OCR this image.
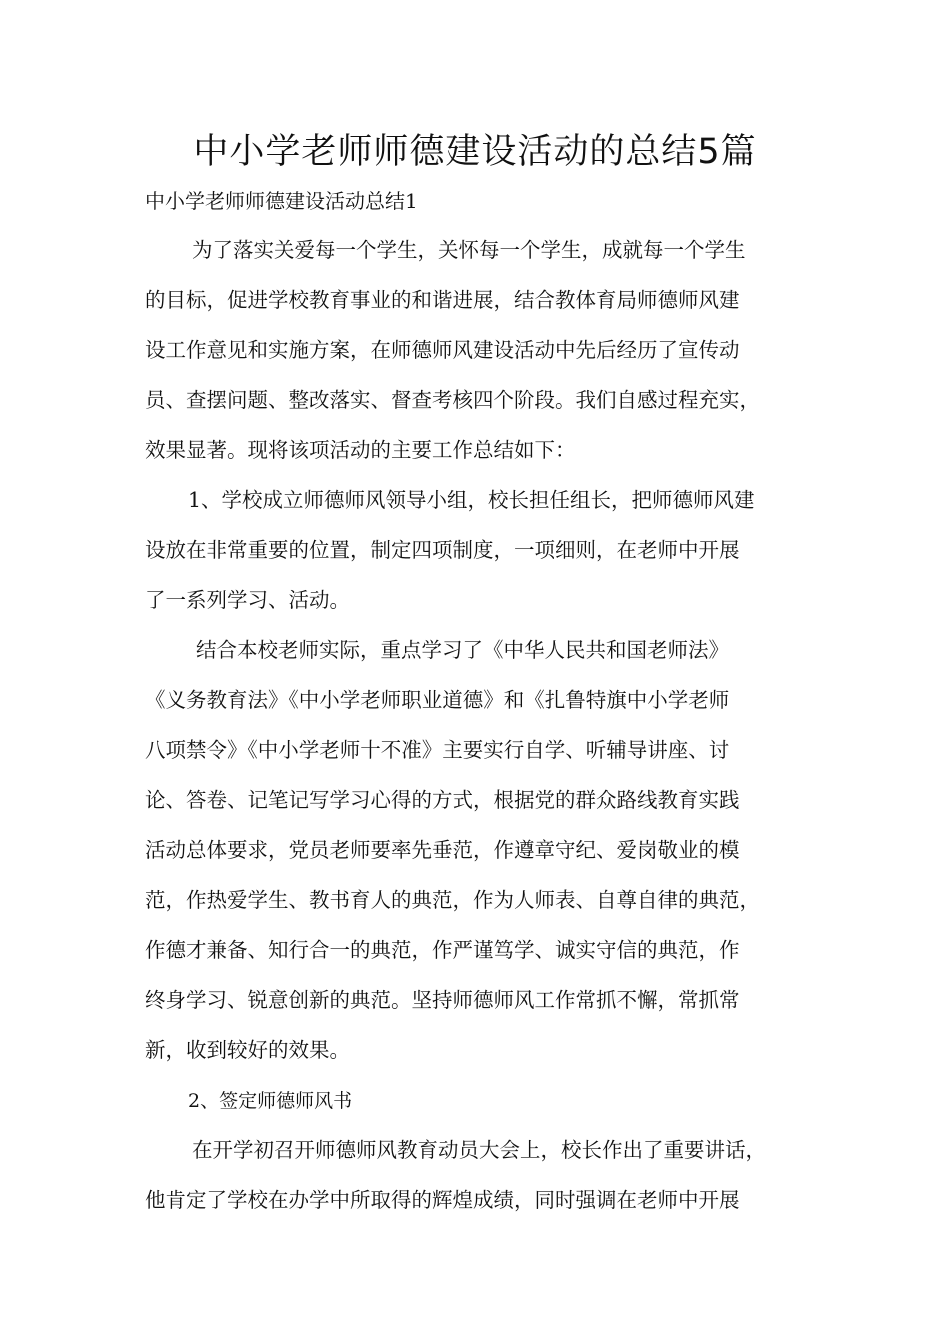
中小学老师师德建设活动的总结5篇

中小学老师师德建设活动总结1

为了落实关爱每一个学生，关怀每一个学生，成就每一个学生

的目标，促进学校教育事业的和谐进展，结合教体育局师德师风建

设工作意见和实施方案，在师德师风建设活动中先后经历了宣传动

员、查摆问题、整改落实、督查考核四个阶段。我们自感过程充实，

效果显著。现将该项活动的主要工作总结如下：

1、学校成立师德师风领导小组，校长担任组长，把师德师风建

设放在非常重要的位置，制定四项制度，一项细则，在老师中开展

了一系列学习、活动。

结合本校老师实际，重点学习了《中华人民共和国老师法》

《义务教育法》《中小学老师职业道德》和《扎鲁特旗中小学老师

八项禁令》《中小学老师十不准》主要实行自学、听辅导讲座、讨

论、答卷、记笔记写学习心得的方式，根据党的群众路线教育实践

活动总体要求，党员老师要率先垂范，作遵章守纪、爱岗敬业的模

范，作热爱学生、教书育人的典范，作为人师表、自尊自律的典范，

作德才兼备、知行合一的典范，作严谨笃学、诚实守信的典范，作

终身学习、锐意创新的典范。坚持师德师风工作常抓不懈，常抓常

新，收到较好的效果。

2、签定师德师风书

在开学初召开师德师风教育动员大会上，校长作出了重要讲话，

他肯定了学校在办学中所取得的辉煌成绩，同时强调在老师中开展
